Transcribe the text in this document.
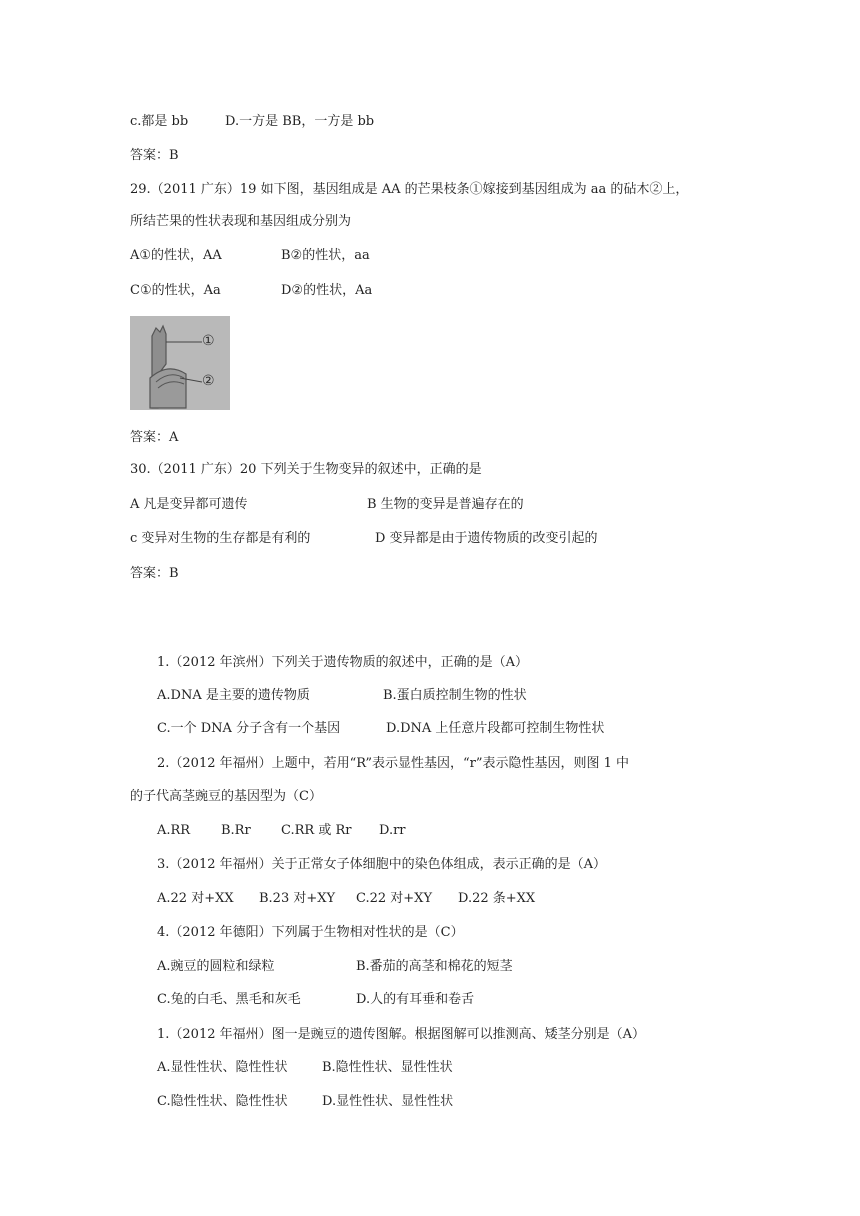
c.都是 bb	D.一方是 BB，一方是 bb
答案：B
29.（2011 广东）19 如下图，基因组成是 AA 的芒果枝条①嫁接到基因组成为 aa 的砧木②上，
所结芒果的性状表现和基因组成分别为
A①的性状，AA	B②的性状，aa
C①的性状，Aa	D②的性状，Aa
①
②
答案：A
30.（2011 广东）20 下列关于生物变异的叙述中，正确的是
A 凡是变异都可遗传	B 生物的变异是普遍存在的
c 变异对生物的生存都是有利的	D 变异都是由于遗传物质的改变引起的
答案：B
1.（2012 年滨州）下列关于遗传物质的叙述中，正确的是（A）
A.DNA 是主要的遗传物质	B.蛋白质控制生物的性状
C.一个 DNA 分子含有一个基因	D.DNA 上任意片段都可控制生物性状
2.（2012 年福州）上题中，若用“R”表示显性基因，“r”表示隐性基因，则图 1 中
的子代高茎豌豆的基因型为（C）
A.RR B.Rr C.RR 或 Rr D.rr
3.（2012 年福州）关于正常女子体细胞中的染色体组成，表示正确的是（A）
A.22 对+XX B.23 对+XY C.22 对+XY D.22 条+XX
4.（2012 年德阳）下列属于生物相对性状的是（C）
A.豌豆的圆粒和绿粒	B.番茄的高茎和棉花的短茎
C.兔的白毛、黑毛和灰毛	D.人的有耳垂和卷舌
1.（2012 年福州）图一是豌豆的遗传图解。根据图解可以推测高、矮茎分别是（A）
A.显性性状、隐性性状	B.隐性性状、显性性状
C.隐性性状、隐性性状	D.显性性状、显性性状
